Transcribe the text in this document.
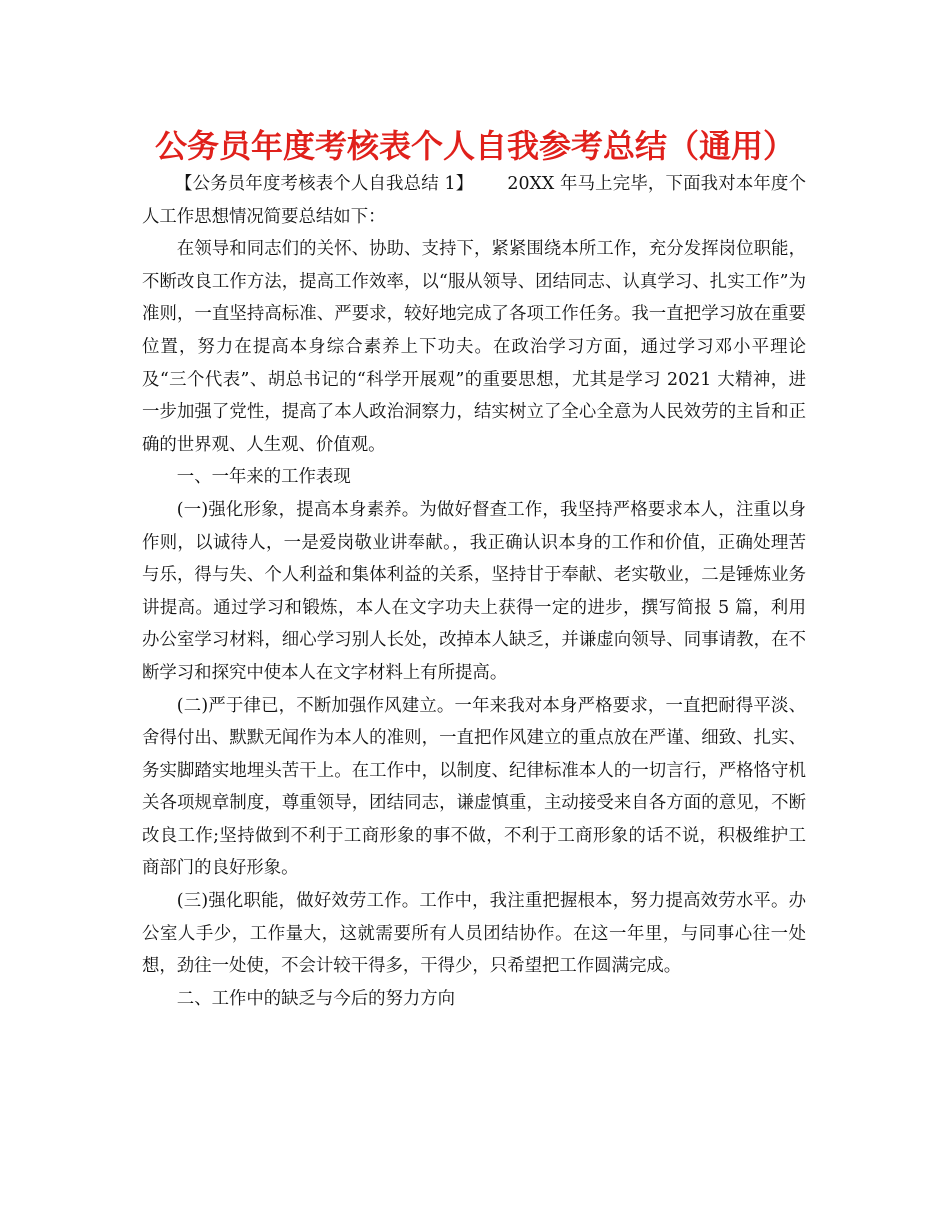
公务员年度考核表个人自我参考总结（通用）

【公务员年度考核表个人自我总结 1】 20XX 年马上完毕，下面我对本年度个人工作思想情况简要总结如下：

在领导和同志们的关怀、协助、支持下，紧紧围绕本所工作，充分发挥岗位职能，不断改良工作方法，提高工作效率，以“服从领导、团结同志、认真学习、扎实工作”为准则，一直坚持高标准、严要求，较好地完成了各项工作任务。我一直把学习放在重要位置，努力在提高本身综合素养上下功夫。在政治学习方面，通过学习邓小平理论及“三个代表”、胡总书记的“科学开展观”的重要思想，尤其是学习 2021 大精神，进一步加强了党性，提高了本人政治洞察力，结实树立了全心全意为人民效劳的主旨和正确的世界观、人生观、价值观。

一、一年来的工作表现

(一)强化形象，提高本身素养。为做好督查工作，我坚持严格要求本人，注重以身作则，以诚待人，一是爱岗敬业讲奉献。，我正确认识本身的工作和价值，正确处理苦与乐，得与失、个人利益和集体利益的关系，坚持甘于奉献、老实敬业，二是锤炼业务讲提高。通过学习和锻炼，本人在文字功夫上获得一定的进步，撰写简报 5 篇，利用办公室学习材料，细心学习别人长处，改掉本人缺乏，并谦虚向领导、同事请教，在不断学习和探究中使本人在文字材料上有所提高。

(二)严于律已，不断加强作风建立。一年来我对本身严格要求，一直把耐得平淡、舍得付出、默默无闻作为本人的准则，一直把作风建立的重点放在严谨、细致、扎实、务实脚踏实地埋头苦干上。在工作中，以制度、纪律标准本人的一切言行，严格恪守机关各项规章制度，尊重领导，团结同志，谦虚慎重，主动接受来自各方面的意见，不断改良工作;坚持做到不利于工商形象的事不做，不利于工商形象的话不说，积极维护工商部门的良好形象。

(三)强化职能，做好效劳工作。工作中，我注重把握根本，努力提高效劳水平。办公室人手少，工作量大，这就需要所有人员团结协作。在这一年里，与同事心往一处想，劲往一处使，不会计较干得多，干得少，只希望把工作圆满完成。

二、工作中的缺乏与今后的努力方向
